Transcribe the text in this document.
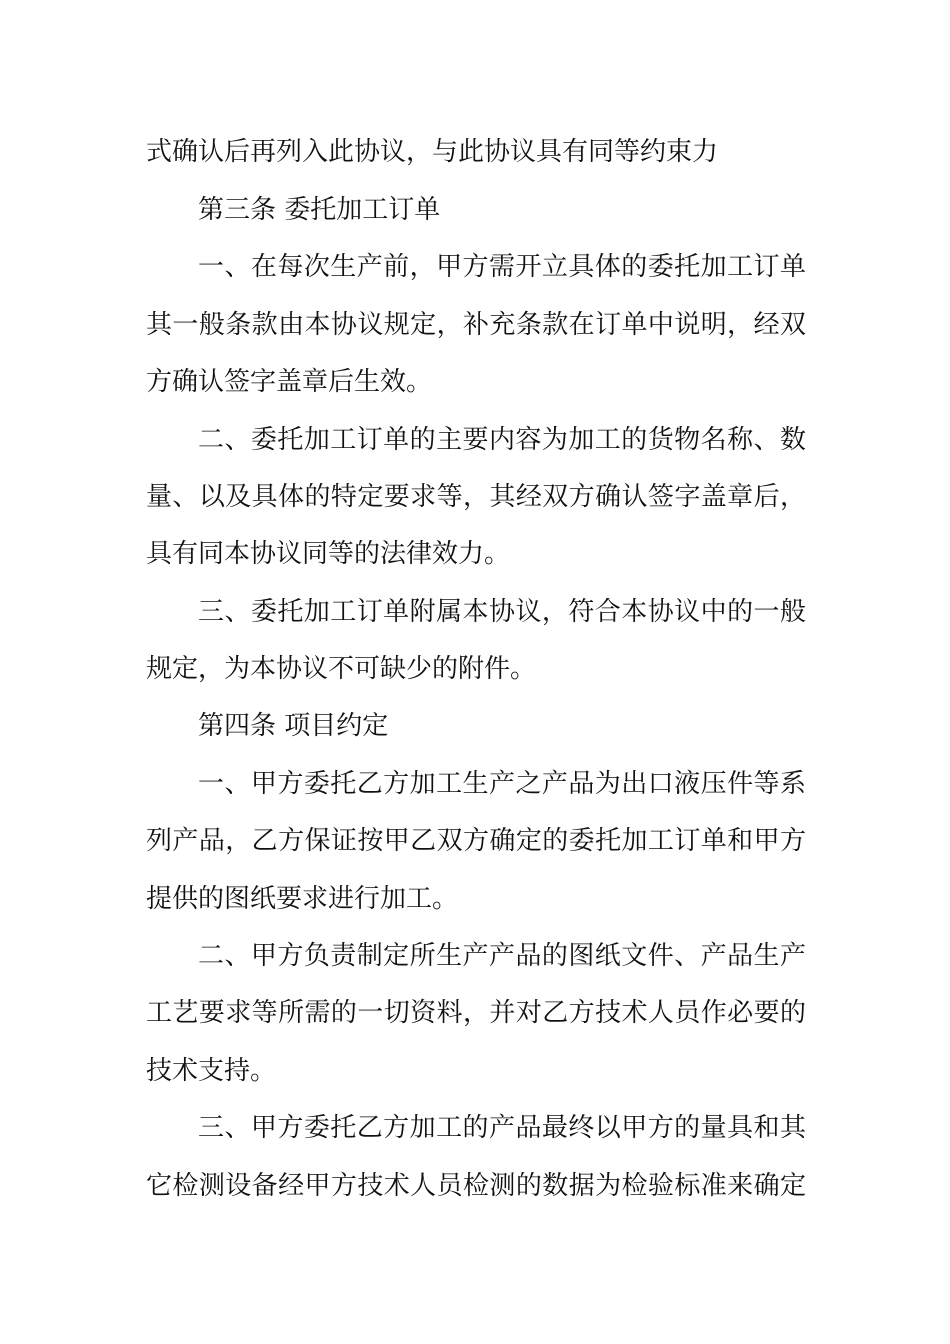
式确认后再列入此协议，与此协议具有同等约束力
第三条 委托加工订单
一、在每次生产前，甲方需开立具体的委托加工订单
其一般条款由本协议规定，补充条款在订单中说明，经双
方确认签字盖章后生效。
二、委托加工订单的主要内容为加工的货物名称、数
量、以及具体的特定要求等，其经双方确认签字盖章后，
具有同本协议同等的法律效力。
三、委托加工订单附属本协议，符合本协议中的一般
规定，为本协议不可缺少的附件。
第四条 项目约定
一、甲方委托乙方加工生产之产品为出口液压件等系
列产品，乙方保证按甲乙双方确定的委托加工订单和甲方
提供的图纸要求进行加工。
二、甲方负责制定所生产产品的图纸文件、产品生产
工艺要求等所需的一切资料，并对乙方技术人员作必要的
技术支持。
三、甲方委托乙方加工的产品最终以甲方的量具和其
它检测设备经甲方技术人员检测的数据为检验标准来确定
